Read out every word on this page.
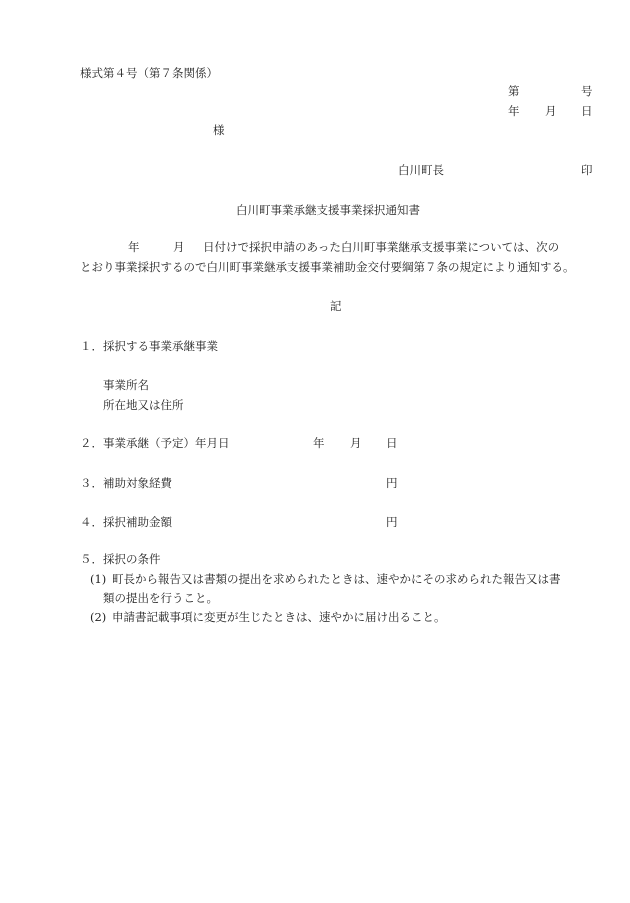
様式第４号（第７条関係）
第	号
年 月 日
様
白川町長	印
白川町事業承継支援事業採択通知書
年	月 日付けで採択申請のあった白川町事業継承支援事業については、次の
とおり事業採択するので白川町事業継承支援事業補助金交付要綱第７条の規定により通知する。
記
１． 採択する事業承継事業
事業所名
所在地又は住所
２． 事業承継（予定）年月日	年 月 日
３． 補助対象経費	円
４． 採択補助金額	円
５． 採択の条件
(1) 町長から報告又は書類の提出を求められたときは、速やかにその求められた報告又は書
類の提出を行うこと。
(2) 申請書記載事項に変更が生じたときは、速やかに届け出ること。
